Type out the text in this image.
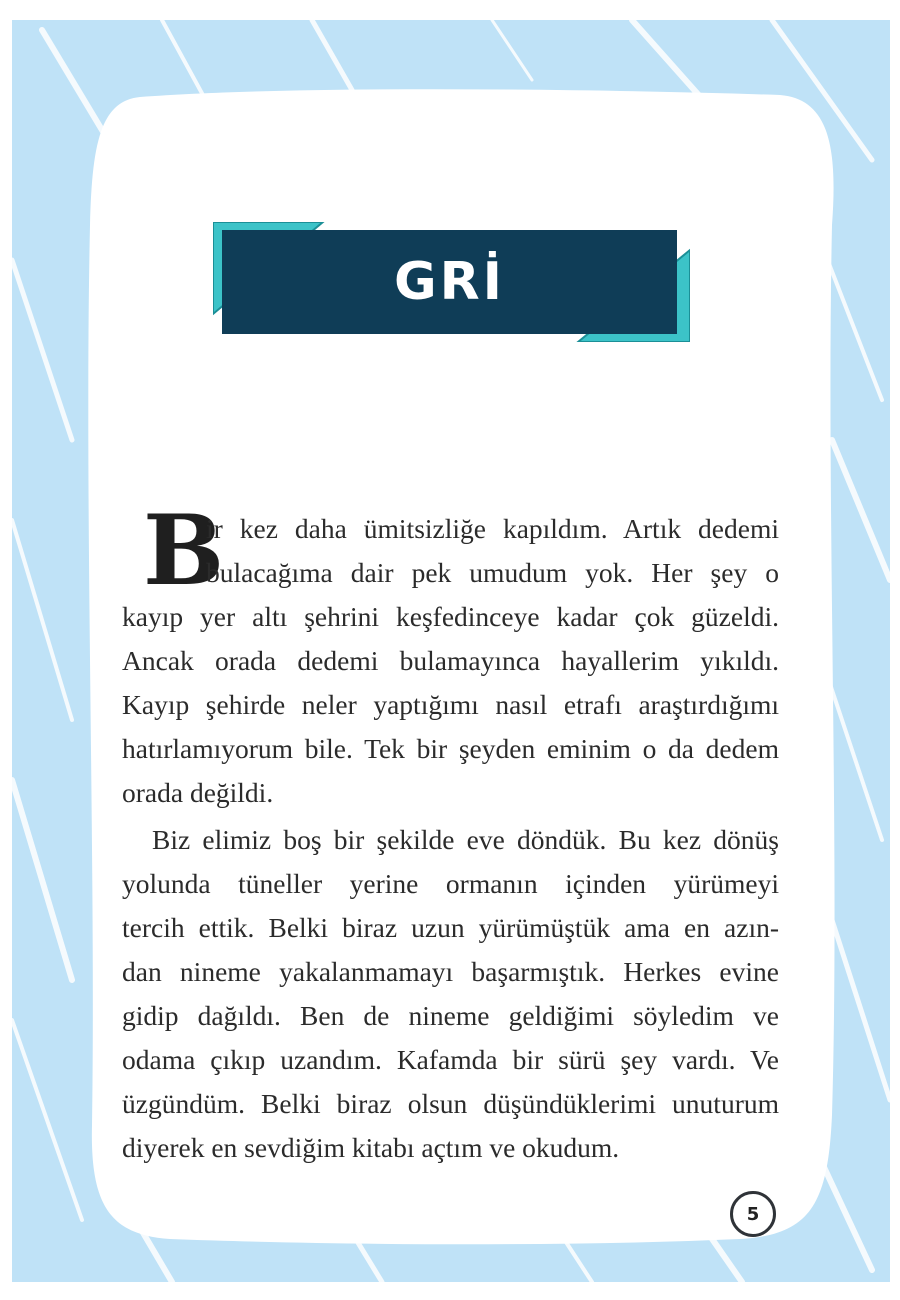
GRİ
B
ir kez daha ümitsizliğe kapıldım. Artık dedemi
bulacağıma dair pek umudum yok. Her şey o
kayıp yer altı şehrini keşfedinceye kadar çok güzeldi.
Ancak orada dedemi bulamayınca hayallerim yıkıldı.
Kayıp şehirde neler yaptığımı nasıl etrafı araştırdığımı
hatırlamıyorum bile. Tek bir şeyden eminim o da dedem
orada değildi.
Biz elimiz boş bir şekilde eve döndük. Bu kez dönüş
yolunda tüneller yerine ormanın içinden yürümeyi
tercih ettik. Belki biraz uzun yürümüştük ama en azın-
dan nineme yakalanmamayı başarmıştık. Herkes evine
gidip dağıldı. Ben de nineme geldiğimi söyledim ve
odama çıkıp uzandım. Kafamda bir sürü şey vardı. Ve
üzgündüm. Belki biraz olsun düşündüklerimi unuturum
diyerek en sevdiğim kitabı açtım ve okudum.
5
